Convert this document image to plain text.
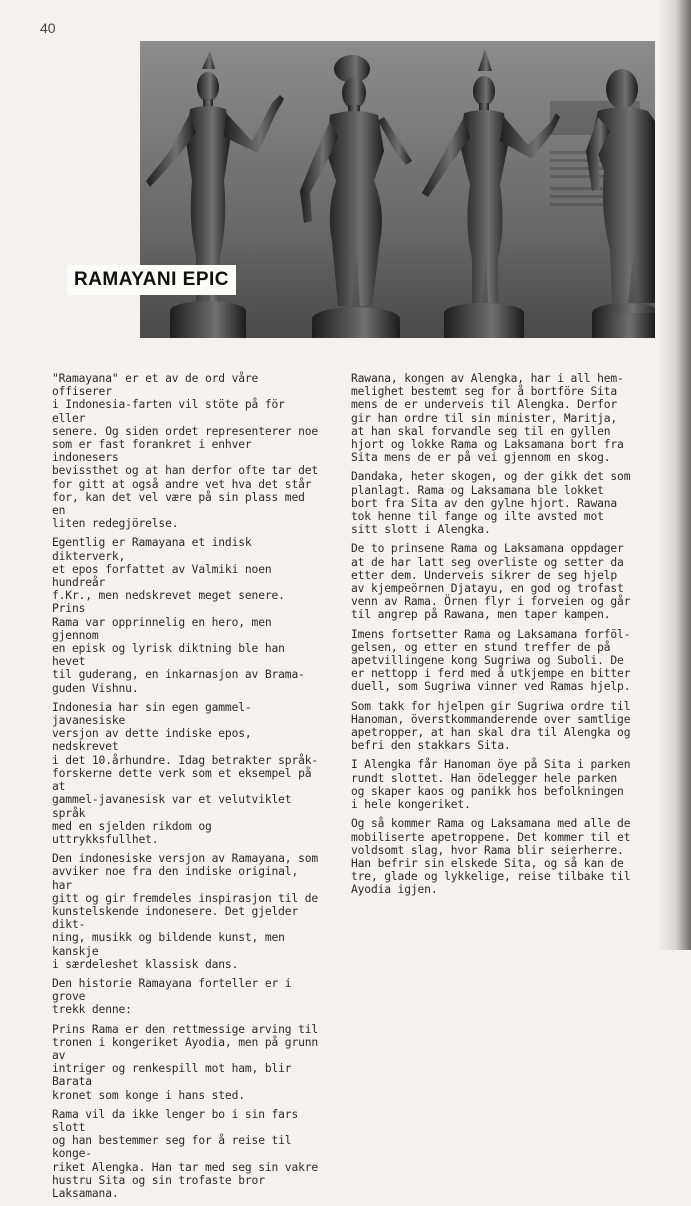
40
RAMAYANI EPIC

"Ramayana" er et av de ord våre offiserer
i Indonesia-farten vil stöte på för eller
senere. Og siden ordet representerer noe
som er fast forankret i enhver indonesers
bevissthet og at han derfor ofte tar det
for gitt at også andre vet hva det står
for, kan det vel være på sin plass med en
liten redegjörelse.

Egentlig er Ramayana et indisk dikterverk,
et epos forfattet av Valmiki noen hundreår
f.Kr., men nedskrevet meget senere. Prins
Rama var opprinnelig en hero, men gjennom
en episk og lyrisk diktning ble han hevet
til guderang, en inkarnasjon av Brama-
guden Vishnu.

Indonesia har sin egen gammel-javanesiske
versjon av dette indiske epos, nedskrevet
i det 10.århundre. Idag betrakter språk-
forskerne dette verk som et eksempel på at
gammel-javanesisk var et velutviklet språk
med en sjelden rikdom og uttrykksfullhet.

Den indonesiske versjon av Ramayana, som
avviker noe fra den indiske original, har
gitt og gir fremdeles inspirasjon til de
kunstelskende indonesere. Det gjelder dikt-
ning, musikk og bildende kunst, men kanskje
i særdeleshet klassisk dans.

Den historie Ramayana forteller er i grove
trekk denne:

Prins Rama er den rettmessige arving til
tronen i kongeriket Ayodia, men på grunn av
intriger og renkespill mot ham, blir Barata
kronet som konge i hans sted.

Rama vil da ikke lenger bo i sin fars slott
og han bestemmer seg for å reise til konge-
riket Alengka. Han tar med seg sin vakre
hustru Sita og sin trofaste bror Laksamana.

Rawana, kongen av Alengka, har i all hem-
melighet bestemt seg for å bortföre Sita
mens de er underveis til Alengka. Derfor
gir han ordre til sin minister, Maritja,
at han skal forvandle seg til en gyllen
hjort og lokke Rama og Laksamana bort fra
Sita mens de er på vei gjennom en skog.

Dandaka, heter skogen, og der gikk det som
planlagt. Rama og Laksamana ble lokket
bort fra Sita av den gylne hjort. Rawana
tok henne til fange og ilte avsted mot
sitt slott i Alengka.

De to prinsene Rama og Laksamana oppdager
at de har latt seg overliste og setter da
etter dem. Underveis sikrer de seg hjelp
av kjempeörnen Djatayu, en god og trofast
venn av Rama. Örnen flyr i forveien og går
til angrep på Rawana, men taper kampen.

Imens fortsetter Rama og Laksamana forföl-
gelsen, og etter en stund treffer de på
apetvillingene kong Sugriwa og Suboli. De
er nettopp i ferd med å utkjempe en bitter
duell, som Sugriwa vinner ved Ramas hjelp.

Som takk for hjelpen gir Sugriwa ordre til
Hanoman, överstkommanderende over samtlige
apetropper, at han skal dra til Alengka og
befri den stakkars Sita.

I Alengka får Hanoman öye på Sita i parken
rundt slottet. Han ödelegger hele parken
og skaper kaos og panikk hos befolkningen
i hele kongeriket.

Og så kommer Rama og Laksamana med alle de
mobiliserte apetroppene. Det kommer til et
voldsomt slag, hvor Rama blir seierherre.
Han befrir sin elskede Sita, og så kan de
tre, glade og lykkelige, reise tilbake til
Ayodia igjen.
